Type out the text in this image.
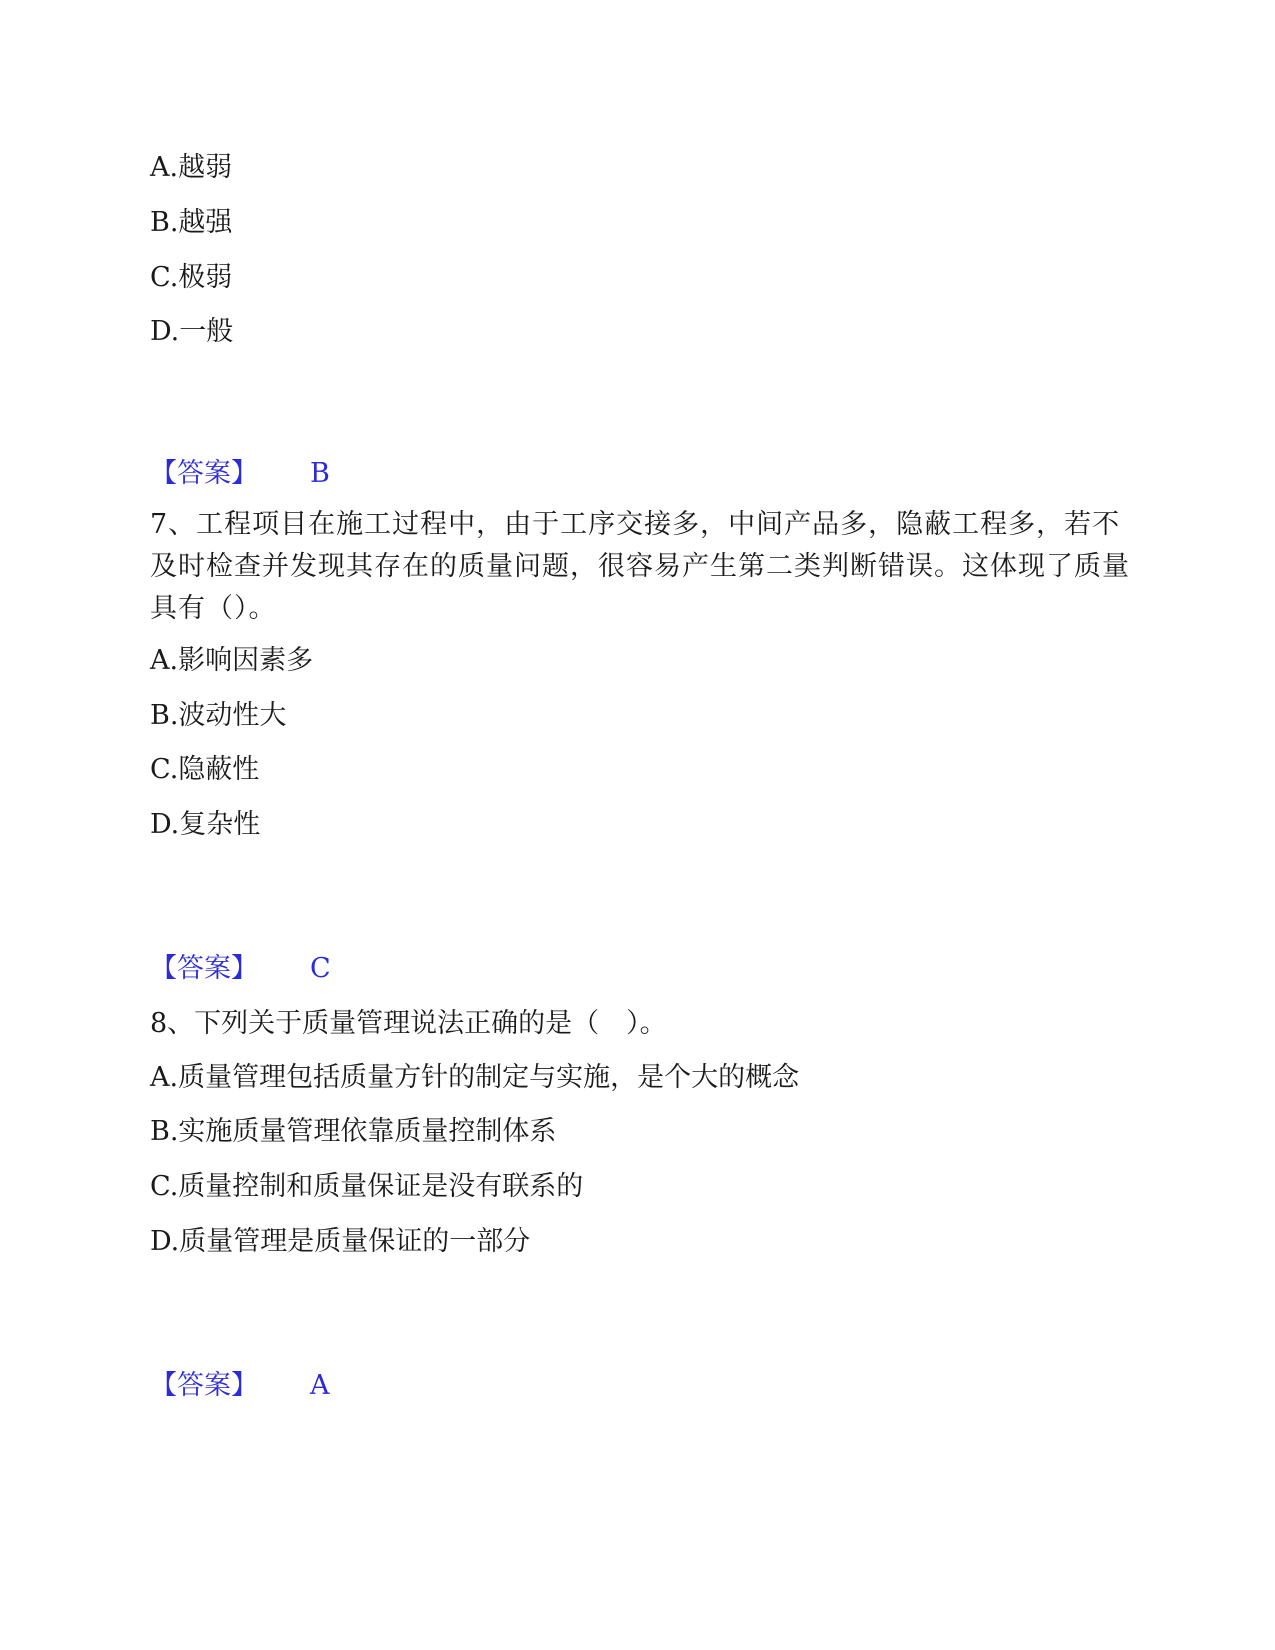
A.越弱
B.越强
C.极弱
D.一般
【答案】 B
7、工程项目在施工过程中，由于工序交接多，中间产品多，隐蔽工程多，若不及时检查并发现其存在的质量问题，很容易产生第二类判断错误。这体现了质量具有（）。
A.影响因素多
B.波动性大
C.隐蔽性
D.复杂性
【答案】 C
8、下列关于质量管理说法正确的是（　）。
A.质量管理包括质量方针的制定与实施，是个大的概念
B.实施质量管理依靠质量控制体系
C.质量控制和质量保证是没有联系的
D.质量管理是质量保证的一部分
【答案】 A
